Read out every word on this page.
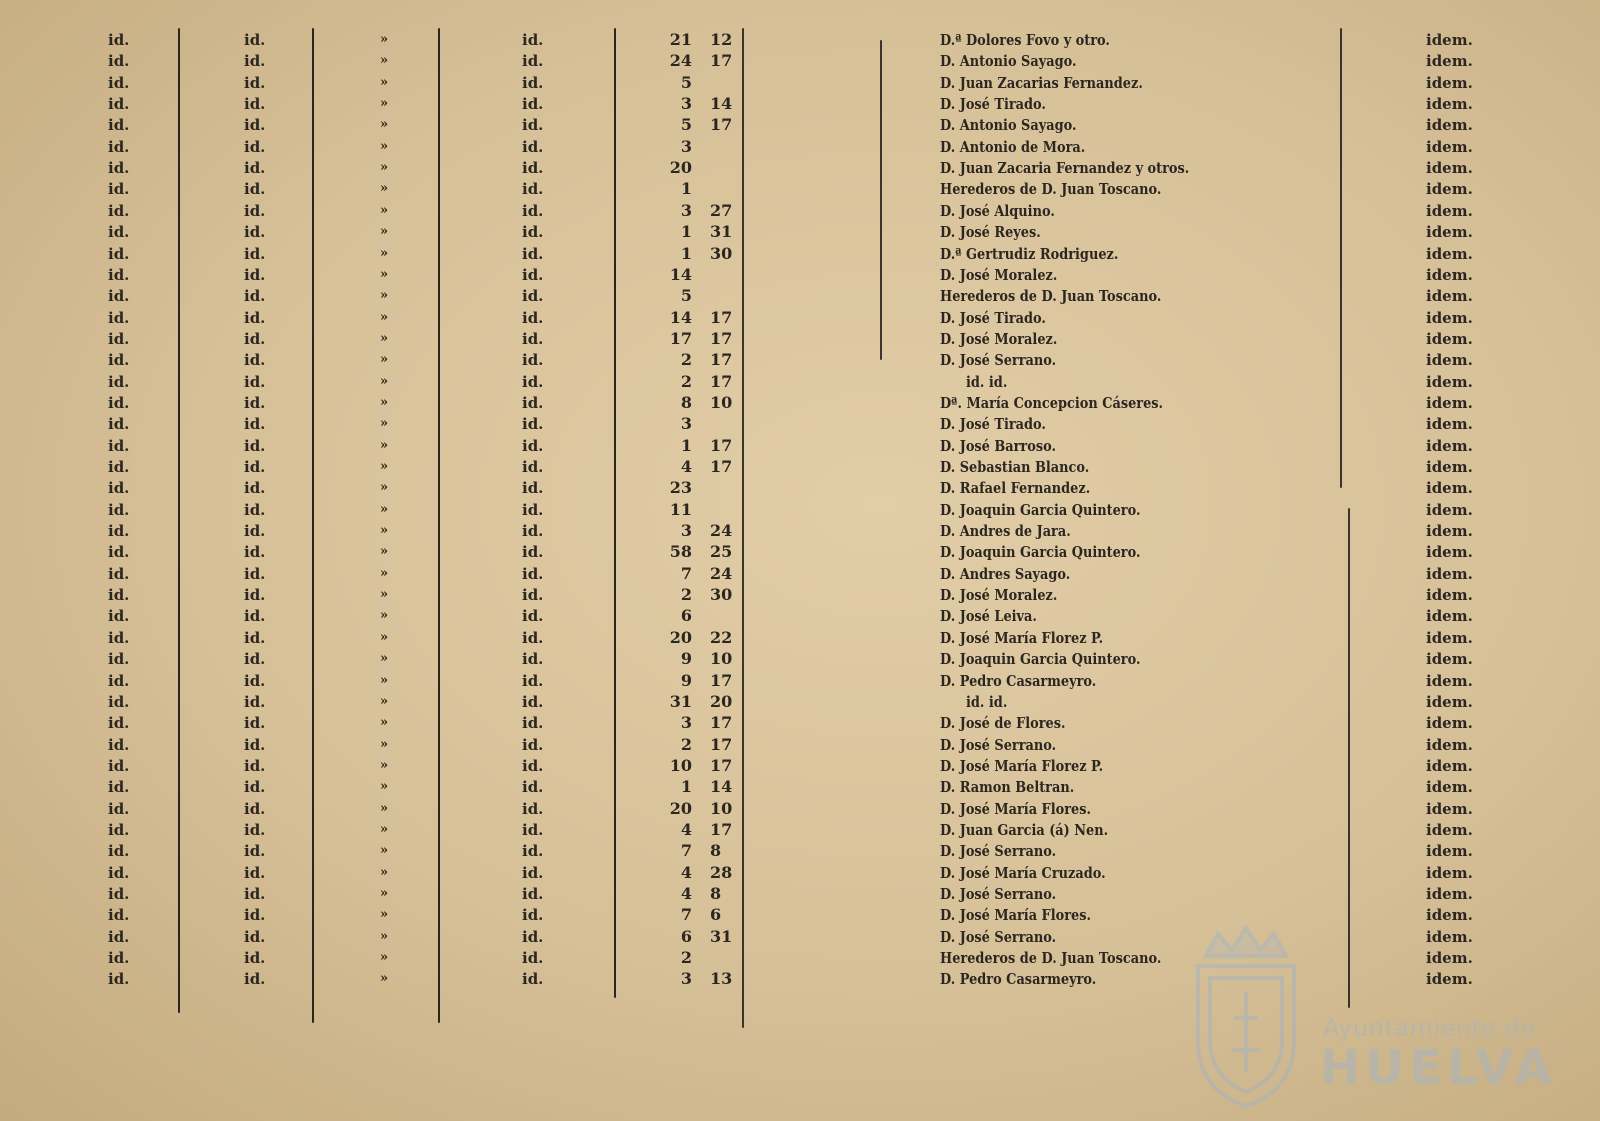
id.	id.	»	id.	21 12	D.ª Dolores Fovo y otro.	idem.
id.	id.	»	id.	24 17	D. Antonio Sayago.	idem.
id.	id.	»	id.	5	D. Juan Zacarias Fernandez.	idem.
id.	id.	»	id.	3 14	D. José Tirado.	idem.
id.	id.	»	id.	5 17	D. Antonio Sayago.	idem.
id.	id.	»	id.	3	D. Antonio de Mora.	idem.
id.	id.	»	id.	20	D. Juan Zacaria Fernandez y otros.	idem.
id.	id.	»	id.	1	Herederos de D. Juan Toscano.	idem.
id.	id.	»	id.	3 27	D. José Alquino.	idem.
id.	id.	»	id.	1 31	D. José Reyes.	idem.
id.	id.	»	id.	1 30	D.ª Gertrudiz Rodriguez.	idem.
id.	id.	»	id.	14	D. José Moralez.	idem.
id.	id.	»	id.	5	Herederos de D. Juan Toscano.	idem.
id.	id.	»	id.	14 17	D. José Tirado.	idem.
id.	id.	»	id.	17 17	D. José Moralez.	idem.
id.	id.	»	id.	2 17	D. José Serrano.	idem.
id.	id.	»	id.	2 17	id. id.	idem.
id.	id.	»	id.	8 10	Dª. María Concepcion Cáseres.	idem.
id.	id.	»	id.	3	D. José Tirado.	idem.
id.	id.	»	id.	1 17	D. José Barroso.	idem.
id.	id.	»	id.	4 17	D. Sebastian Blanco.	idem.
id.	id.	»	id.	23	D. Rafael Fernandez.	idem.
id.	id.	»	id.	11	D. Joaquin Garcia Quintero.	idem.
id.	id.	»	id.	3 24	D. Andres de Jara.	idem.
id.	id.	»	id.	58 25	D. Joaquin Garcia Quintero.	idem.
id.	id.	»	id.	7 24	D. Andres Sayago.	idem.
id.	id.	»	id.	2 30	D. José Moralez.	idem.
id.	id.	»	id.	6	D. José Leiva.	idem.
id.	id.	»	id.	20 22	D. José María Florez P.	idem.
id.	id.	»	id.	9 10	D. Joaquin Garcia Quintero.	idem.
id.	id.	»	id.	9 17	D. Pedro Casarmeyro.	idem.
id.	id.	»	id.	31 20	id. id.	idem.
id.	id.	»	id.	3 17	D. José de Flores.	idem.
id.	id.	»	id.	2 17	D. José Serrano.	idem.
id.	id.	»	id.	10 17	D. José María Florez P.	idem.
id.	id.	»	id.	1 14	D. Ramon Beltran.	idem.
id.	id.	»	id.	20 10	D. José María Flores.	idem.
id.	id.	»	id.	4 17	D. Juan Garcia (á) Nen.	idem.
id.	id.	»	id.	7 8	D. José Serrano.	idem.
id.	id.	»	id.	4 28	D. José María Cruzado.	idem.
id.	id.	»	id.	4 8	D. José Serrano.	idem.
id.	id.	»	id.	7 6	D. José María Flores.	idem.
id.	id.	»	id.	6 31	D. José Serrano.	idem.
id.	id.	»	id.	2	Herederos de D. Juan Toscano.	idem.
id.	id.	»	id.	3 13	D. Pedro Casarmeyro.	idem.
Ayuntamiento de
HUELVA
